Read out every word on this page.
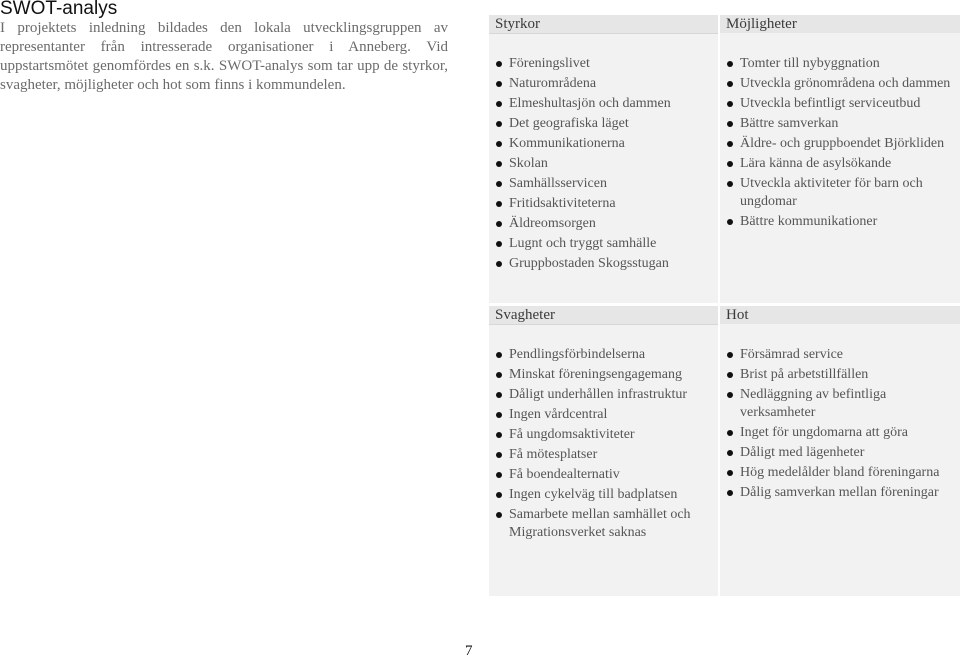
SWOT-analys

I projektets inledning bildades den lokala utvecklingsgruppen av representanter från intresserade organisationer i Anneberg. Vid uppstartsmötet genomfördes en s.k. SWOT-analys som tar upp de styrkor, svagheter, möjligheter och hot som finns i kommundelen.

Styrkor
Föreningslivet
Naturområdena
Elmeshultasjön och dammen
Det geografiska läget
Kommunikationerna
Skolan
Samhällsservicen
Fritidsaktiviteterna
Äldreomsorgen
Lugnt och tryggt samhälle
Gruppbostaden Skogsstugan
Möjligheter
Tomter till nybyggnation
Utveckla grönområdena och dammen
Utveckla befintligt serviceutbud
Bättre samverkan
Äldre- och gruppboendet Björkliden
Lära känna de asylsökande
Utveckla aktiviteter för barn och ungdomar
Bättre kommunikationer
Svagheter
Pendlingsförbindelserna
Minskat föreningsengagemang
Dåligt underhållen infrastruktur
Ingen vårdcentral
Få ungdomsaktiviteter
Få mötesplatser
Få boendealternativ
Ingen cykelväg till badplatsen
Samarbete mellan samhället och Migrationsverket saknas
Hot
Försämrad service
Brist på arbetstillfällen
Nedläggning av befintliga verksamheter
Inget för ungdomarna att göra
Dåligt med lägenheter
Hög medelålder bland föreningarna
Dålig samverkan mellan föreningar
7
